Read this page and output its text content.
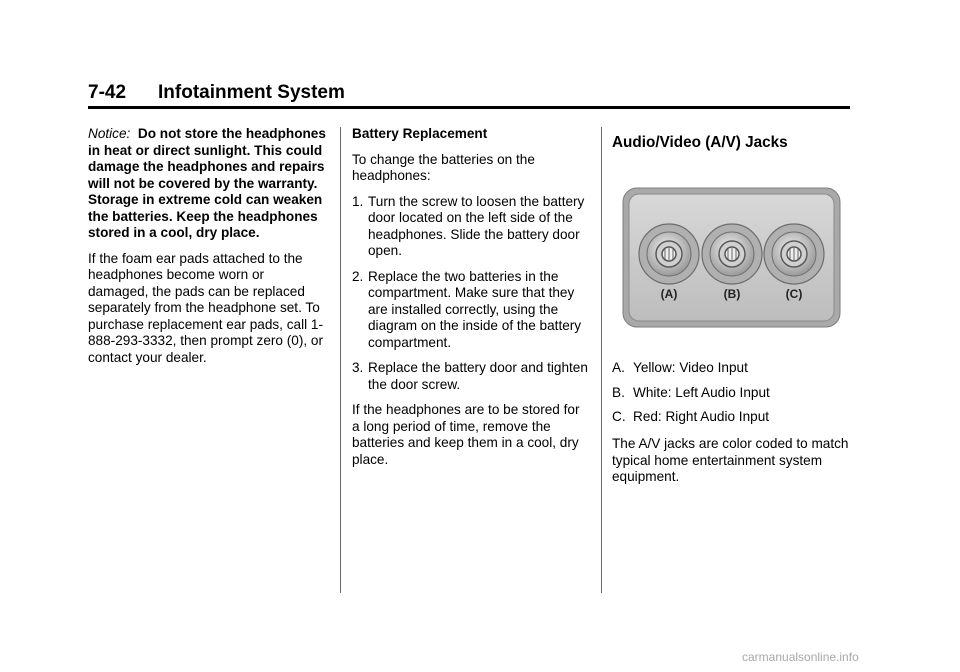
7-42 Infotainment System

Notice: Do not store the headphones in heat or direct sunlight. This could damage the headphones and repairs will not be covered by the warranty. Storage in extreme cold can weaken the batteries. Keep the headphones stored in a cool, dry place.

If the foam ear pads attached to the headphones become worn or damaged, the pads can be replaced separately from the headphone set. To purchase replacement ear pads, call 1-888-293-3332, then prompt zero (0), or contact your dealer.

Battery Replacement

To change the batteries on the headphones:

1. Turn the screw to loosen the battery door located on the left side of the headphones. Slide the battery door open.
2. Replace the two batteries in the compartment. Make sure that they are installed correctly, using the diagram on the inside of the battery compartment.
3. Replace the battery door and tighten the door screw.

If the headphones are to be stored for a long period of time, remove the batteries and keep them in a cool, dry place.

Audio/Video (A/V) Jacks
(A)	(B)	(C)
A. Yellow: Video Input
B. White: Left Audio Input
C. Red: Right Audio Input

The A/V jacks are color coded to match typical home entertainment system equipment.

carmanualsonline.info
